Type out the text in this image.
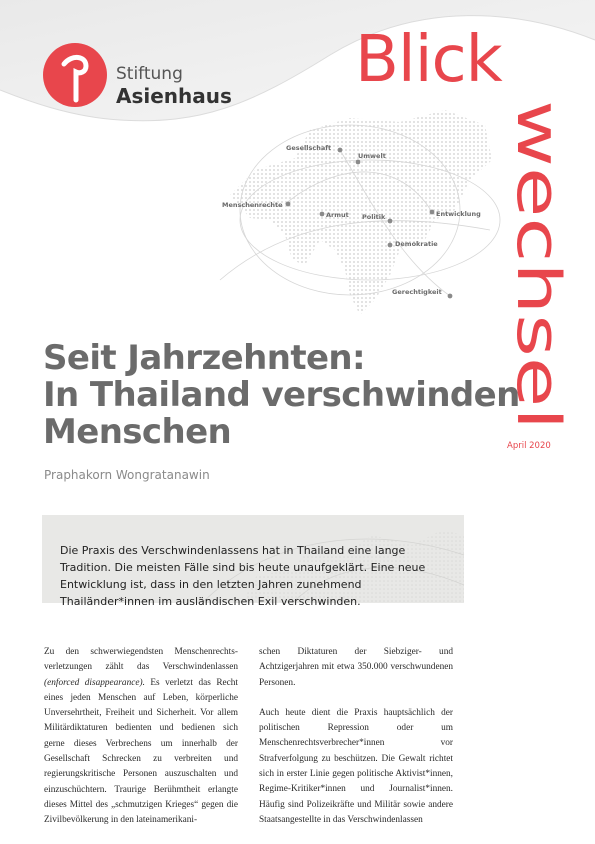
Stiftung
Asienhaus
Gesellschaft
Umwelt
Menschenrechte
Armut Politik	Entwicklung
Demokratie
Gerechtigkeit
Blick
wechsel
April 2020
Seit Jahrzehnten:
In Thailand verschwinden
Menschen
Praphakorn Wongratanawin
Die Praxis des Verschwindenlassens hat in Thailand eine lange Tradition. Die meisten Fälle sind bis heute unaufgeklärt. Eine neue Entwicklung ist, dass in den letzten Jahren zunehmend Thailänder*innen im ausländischen Exil verschwinden.

Zu den schwerwiegendsten Menschenrechtsverletzungen zählt das Verschwindenlassen (enforced disappearance). Es verletzt das Recht eines jeden Menschen auf Leben, körperliche Unversehrtheit, Freiheit und Sicherheit. Vor allem Militärdiktaturen bedienten und bedienen sich gerne dieses Verbrechens um innerhalb der Gesellschaft Schrecken zu verbreiten und regierungskritische Personen auszuschalten und einzuschüchtern. Traurige Berühmtheit erlangte dieses Mittel des „schmutzigen Krieges“ gegen die Zivilbevölkerung in den lateinamerikani-

schen Diktaturen der Siebziger- und Achtzigerjahren mit etwa 350.000 verschwundenen Personen.

Auch heute dient die Praxis hauptsächlich der politischen Repression oder um Menschenrechtsverbrecher*innen vor Strafverfolgung zu beschützen. Die Gewalt richtet sich in erster Linie gegen politische Aktivist*innen, Regime-Kritiker*innen und Journalist*innen. Häufig sind Polizeikräfte und Militär sowie andere Staatsangestellte in das Verschwindenlassen
